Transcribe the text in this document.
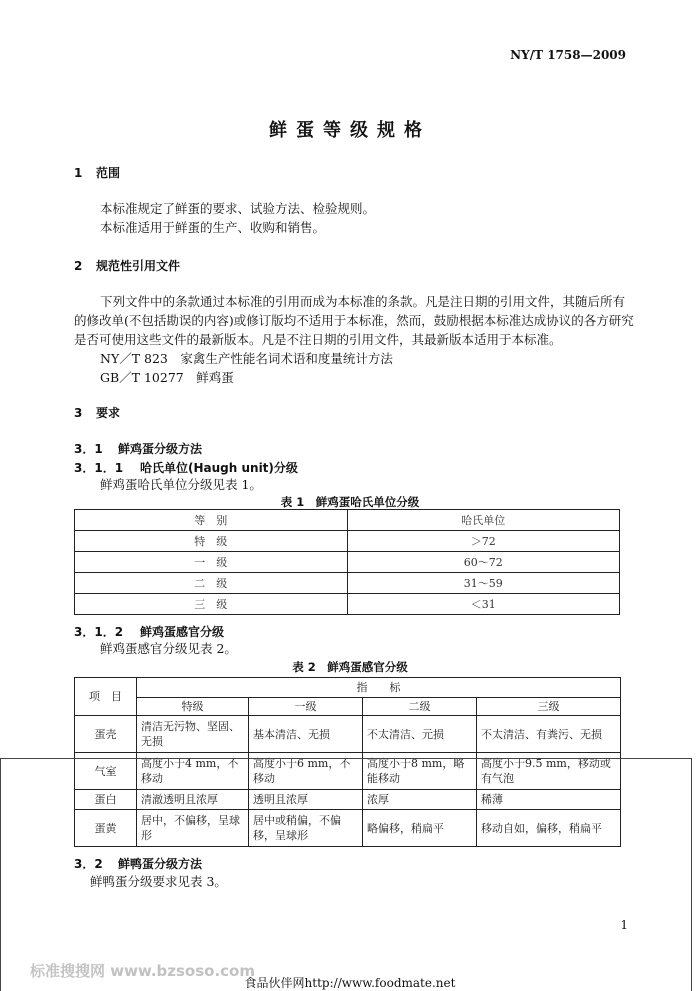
NY/T 1758—2009
鲜蛋等级规格
1 范围
本标准规定了鲜蛋的要求、试验方法、检验规则。
本标准适用于鲜蛋的生产、收购和销售。
2 规范性引用文件
下列文件中的条款通过本标准的引用而成为本标准的条款。凡是注日期的引用文件，其随后所有
的修改单(不包括勘误的内容)或修订版均不适用于本标准，然而，鼓励根据本标准达成协议的各方研究
是否可使用这些文件的最新版本。凡是不注日期的引用文件，其最新版本适用于本标准。
NY／T 823　家禽生产性能名词术语和度量统计方法
GB／T 10277　鲜鸡蛋
3 要求
3．1 鲜鸡蛋分级方法
3．1．1 哈氏单位(Haugh unit)分级
鲜鸡蛋哈氏单位分级见表 1。
表 1　鲜鸡蛋哈氏单位分级
等　别	哈氏单位
特　级	＞72
一　级	60～72
二　级	31～59
三　级	＜31
3．1．2 鲜鸡蛋感官分级
鲜鸡蛋感官分级见表 2。
表 2　鲜鸡蛋感官分级
项　目	指　　标			
	特级	一级	二级	三级
蛋壳	清洁无污物、坚固、无损	基本清洁、无损	不太清洁、元损	不太清洁、有粪污、无损
气室	高度小于4 mm，不移动	高度小于6 mm，不移动	高度小于8 mm，略能移动	高度小于9.5 mm，移动或有气泡
蛋白	清澈透明且浓厚	透明且浓厚	浓厚	稀薄
蛋黄	居中，不偏移，呈球形	居中或稍偏，不偏移，呈球形	略偏移，稍扁平	移动自如，偏移，稍扁平
3．2 鲜鸭蛋分级方法
鲜鸭蛋分级要求见表 3。
1
标准搜搜网 www.bzsoso.com
食品伙伴网http://www.foodmate.net
